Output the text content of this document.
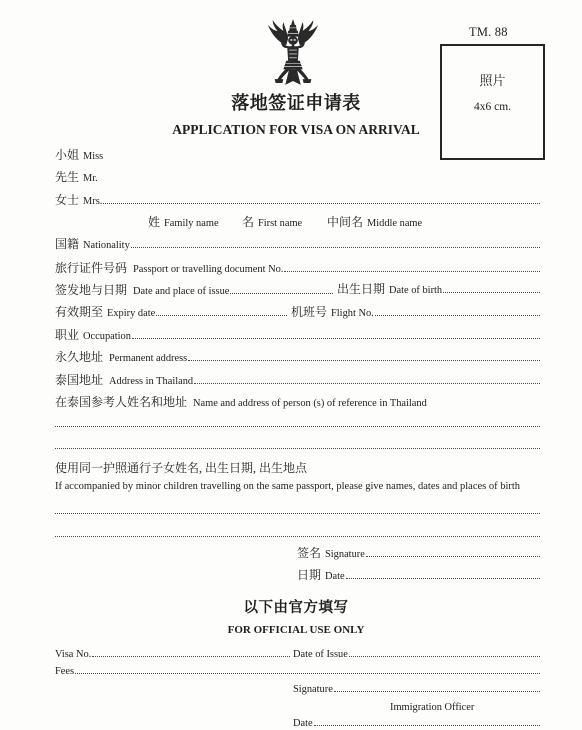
TM. 88
照片
4x6 cm.
落地签证申请表
APPLICATION FOR VISA ON ARRIVAL
小姐 Miss
先生 Mr.
女士 Mrs.
姓 Family name 名 First name 中间名 Middle name
国籍 Nationality
旅行证件号码 Passport or travelling document No.
签发地与日期 Date and place of issue	出生日期 Date of birth
有效期至 Expiry date	机班号 Flight No.
职业 Occupation
永久地址 Permanent address
泰国地址 Address in Thailand
在泰国参考人姓名和地址 Name and address of person (s) of reference in Thailand
使用同一护照通行子女姓名, 出生日期, 出生地点
If accompanied by minor children travelling on the same passport, please give names, dates and places of birth
签名 Signature
日期 Date
以下由官方填写
FOR OFFICIAL USE ONLY
Visa No.	Date of Issue
Fees
Signature
Immigration Officer
Date
